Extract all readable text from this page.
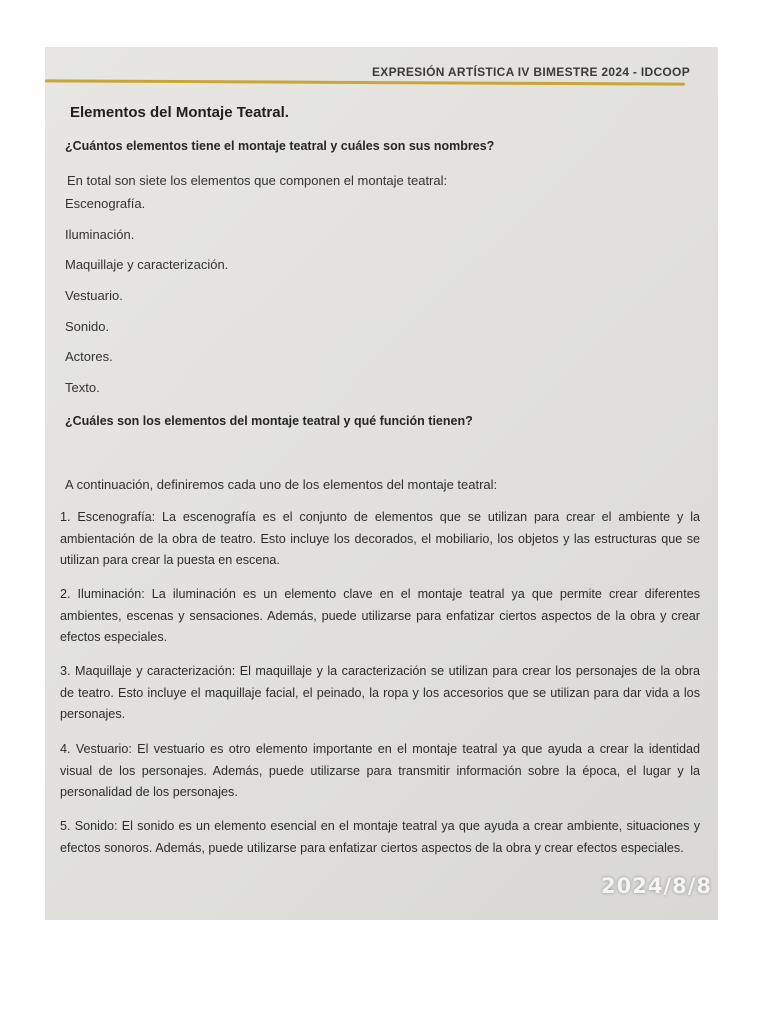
EXPRESIÓN ARTÍSTICA IV BIMESTRE 2024 - IDCOOP
Elementos del Montaje Teatral.
¿Cuántos elementos tiene el montaje teatral y cuáles son sus nombres?
En total son siete los elementos que componen el montaje teatral:
Escenografía.
Iluminación.
Maquillaje y caracterización.
Vestuario.
Sonido.
Actores.
Texto.
¿Cuáles son los elementos del montaje teatral y qué función tienen?
A continuación, definiremos cada uno de los elementos del montaje teatral:
1. Escenografía: La escenografía es el conjunto de elementos que se utilizan para crear el ambiente y la ambientación de la obra de teatro. Esto incluye los decorados, el mobiliario, los objetos y las estructuras que se utilizan para crear la puesta en escena.
2. Iluminación: La iluminación es un elemento clave en el montaje teatral ya que permite crear diferentes ambientes, escenas y sensaciones. Además, puede utilizarse para enfatizar ciertos aspectos de la obra y crear efectos especiales.
3. Maquillaje y caracterización: El maquillaje y la caracterización se utilizan para crear los personajes de la obra de teatro. Esto incluye el maquillaje facial, el peinado, la ropa y los accesorios que se utilizan para dar vida a los personajes.
4. Vestuario: El vestuario es otro elemento importante en el montaje teatral ya que ayuda a crear la identidad visual de los personajes. Además, puede utilizarse para transmitir información sobre la época, el lugar y la personalidad de los personajes.
5. Sonido: El sonido es un elemento esencial en el montaje teatral ya que ayuda a crear ambiente, situaciones y efectos sonoros. Además, puede utilizarse para enfatizar ciertos aspectos de la obra y crear efectos especiales.
2024/8/8
